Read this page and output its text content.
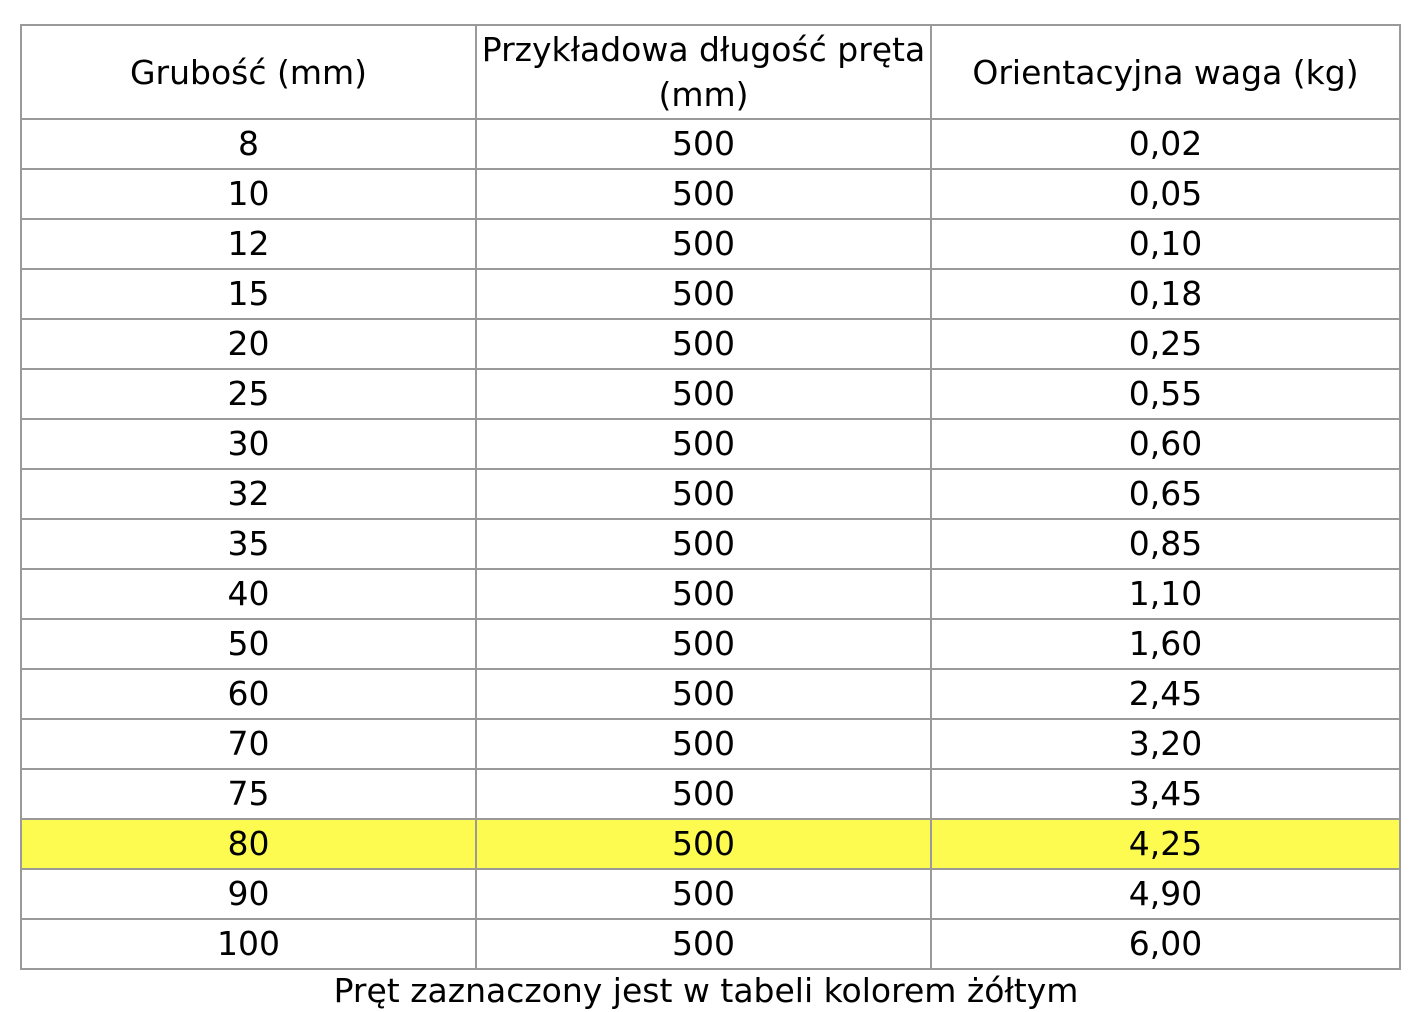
Grubość (mm)	Przykładowa długość pręta (mm)	Orientacyjna waga (kg)
8	500	0,02
10	500	0,05
12	500	0,10
15	500	0,18
20	500	0,25
25	500	0,55
30	500	0,60
32	500	0,65
35	500	0,85
40	500	1,10
50	500	1,60
60	500	2,45
70	500	3,20
75	500	3,45
80	500	4,25
90	500	4,90
100	500	6,00
Pręt zaznaczony jest w tabeli kolorem żółtym
